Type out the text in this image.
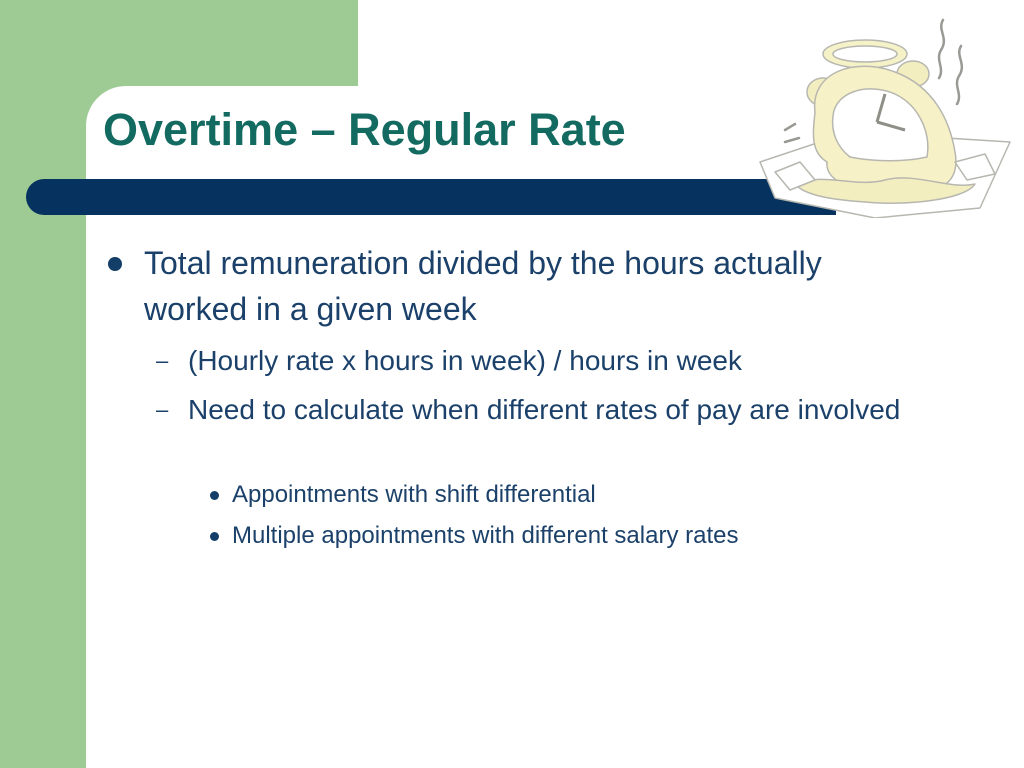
Overtime – Regular Rate

Total remuneration divided by the hours actually worked in a given week

– (Hourly rate x hours in week) / hours in week

– Need to calculate when different rates of pay are involved

Appointments with shift differential

Multiple appointments with different salary rates
